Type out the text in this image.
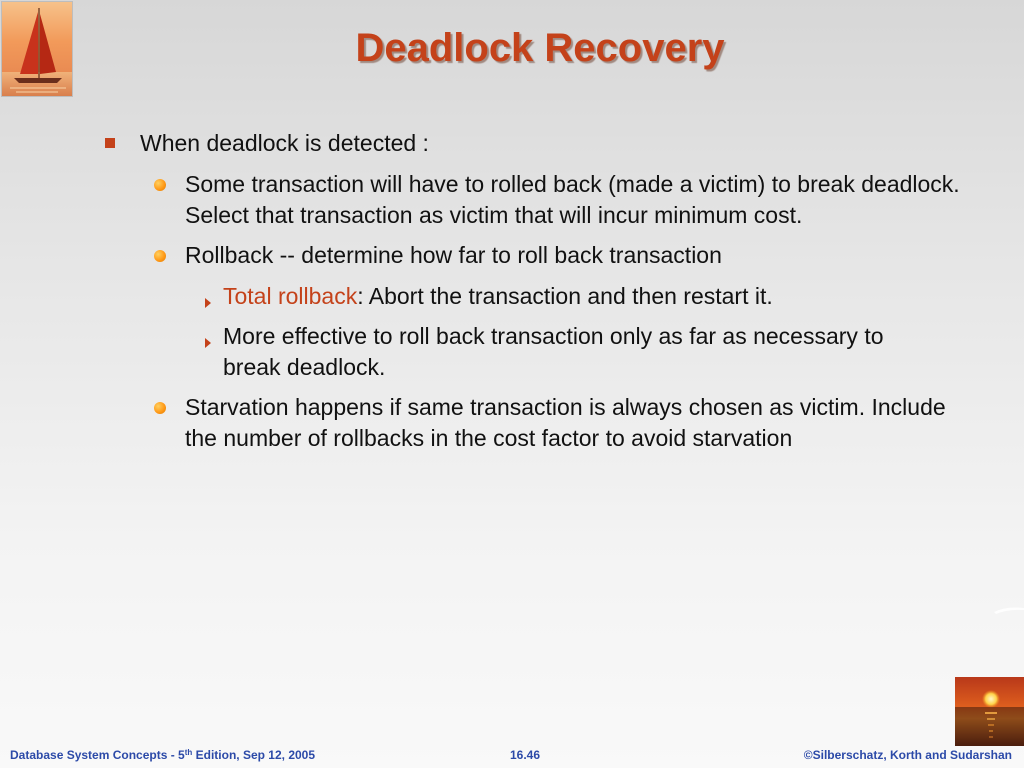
Deadlock Recovery
When deadlock is detected :
Some transaction will have to rolled back (made a victim) to break deadlock. Select that transaction as victim that will incur minimum cost.
Rollback -- determine how far to roll back transaction
Total rollback: Abort the transaction and then restart it.
More effective to roll back transaction only as far as necessary to break deadlock.
Starvation happens if same transaction is always chosen as victim. Include the number of rollbacks in the cost factor to avoid starvation
Database System Concepts - 5th Edition, Sep 12, 2005	16.46	©Silberschatz, Korth and Sudarshan
